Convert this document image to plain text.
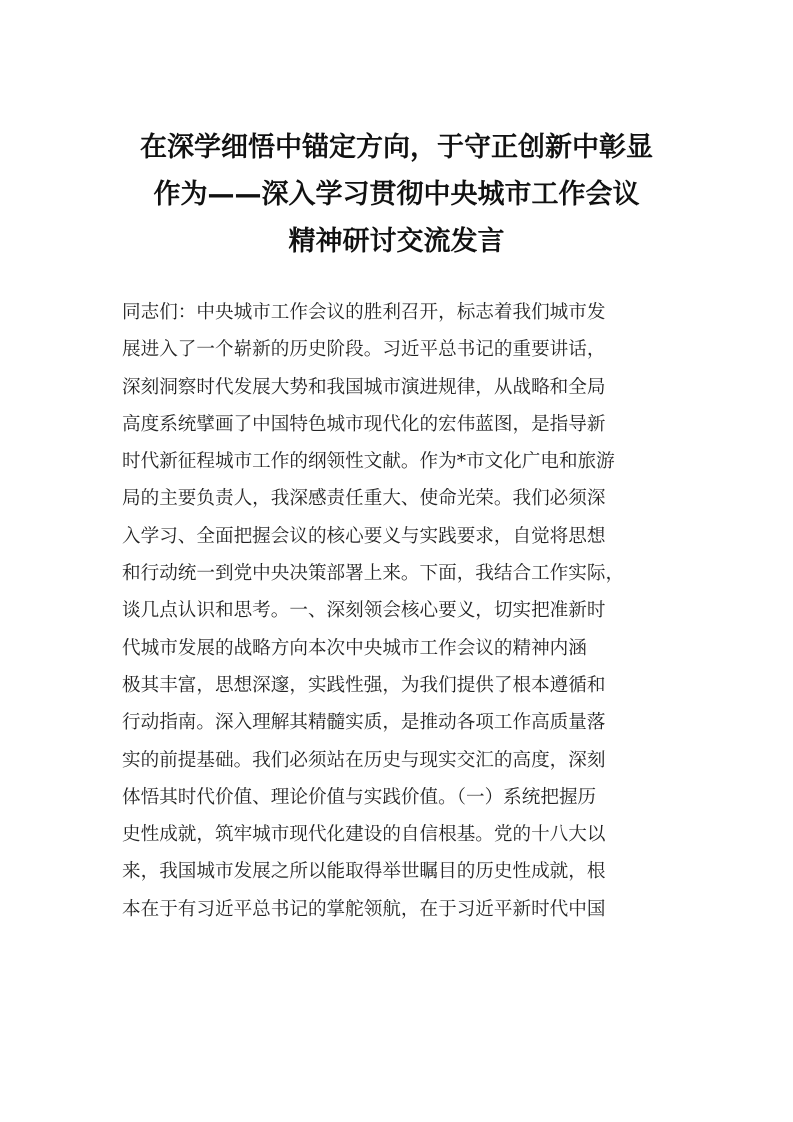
在深学细悟中锚定方向，于守正创新中彰显
作为——深入学习贯彻中央城市工作会议
精神研讨交流发言
同志们：中央城市工作会议的胜利召开，标志着我们城市发
展进入了一个崭新的历史阶段。习近平总书记的重要讲话，
深刻洞察时代发展大势和我国城市演进规律，从战略和全局
高度系统擘画了中国特色城市现代化的宏伟蓝图，是指导新
时代新征程城市工作的纲领性文献。作为*市文化广电和旅游
局的主要负责人，我深感责任重大、使命光荣。我们必须深
入学习、全面把握会议的核心要义与实践要求，自觉将思想
和行动统一到党中央决策部署上来。下面，我结合工作实际，
谈几点认识和思考。一、深刻领会核心要义，切实把准新时
代城市发展的战略方向本次中央城市工作会议的精神内涵
极其丰富，思想深邃，实践性强，为我们提供了根本遵循和
行动指南。深入理解其精髓实质，是推动各项工作高质量落
实的前提基础。我们必须站在历史与现实交汇的高度，深刻
体悟其时代价值、理论价值与实践价值。（一）系统把握历
史性成就，筑牢城市现代化建设的自信根基。党的十八大以
来，我国城市发展之所以能取得举世瞩目的历史性成就，根
本在于有习近平总书记的掌舵领航，在于习近平新时代中国
